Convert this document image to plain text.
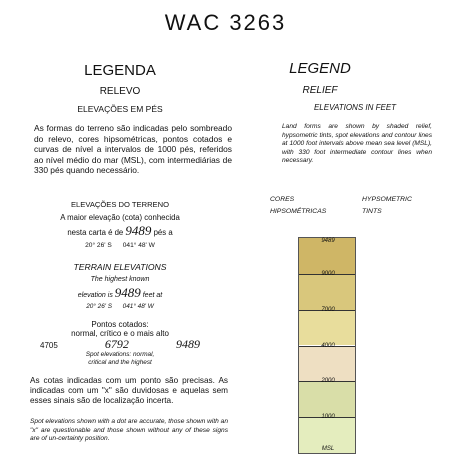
WAC 3263
LEGENDA
RELEVO
ELEVAÇÕES EM PÉS
As formas do terreno são indicadas pelo sombreado do relevo, cores hipsométricas, pontos cotados e curvas de nível a intervalos de 1000 pés, referidos ao nível médio do mar (MSL), com intermediárias de 330 pés quando necessário.
ELEVAÇÕES DO TERRENO
A maior elevação (cota) conhecida
nesta carta é de 9489 pés a
20° 26' S      041° 48' W
TERRAIN ELEVATIONS
The highest known
elevation is 9489 feet at
20° 26' S      041° 48' W
Pontos cotados:
normal, crítico e o mais alto
4705	6792	9489
Spot elevations: normal,
critical and the highest
As cotas indicadas com um ponto são precisas. As indicadas com um "x" são duvidosas e aquelas sem esses sinais são de localização incerta.
Spot elevations shown with a dot are accurate, those shown with an "x" are questionable and those shown without any of these signs are of un-certainty position.
LEGEND
RELIEF
ELEVATIONS IN FEET
Land forms are shown by shaded relief, hypsometric tints, spot elevations and contour lines at 1000 foot intervals above mean sea level (MSL), with 330 foot intermediate contour lines when necessary.
CORES
HIPSOMÉTRICAS
HYPSOMETRIC
TINTS
9489
9000
7000
4000
2000
1000
MSL
